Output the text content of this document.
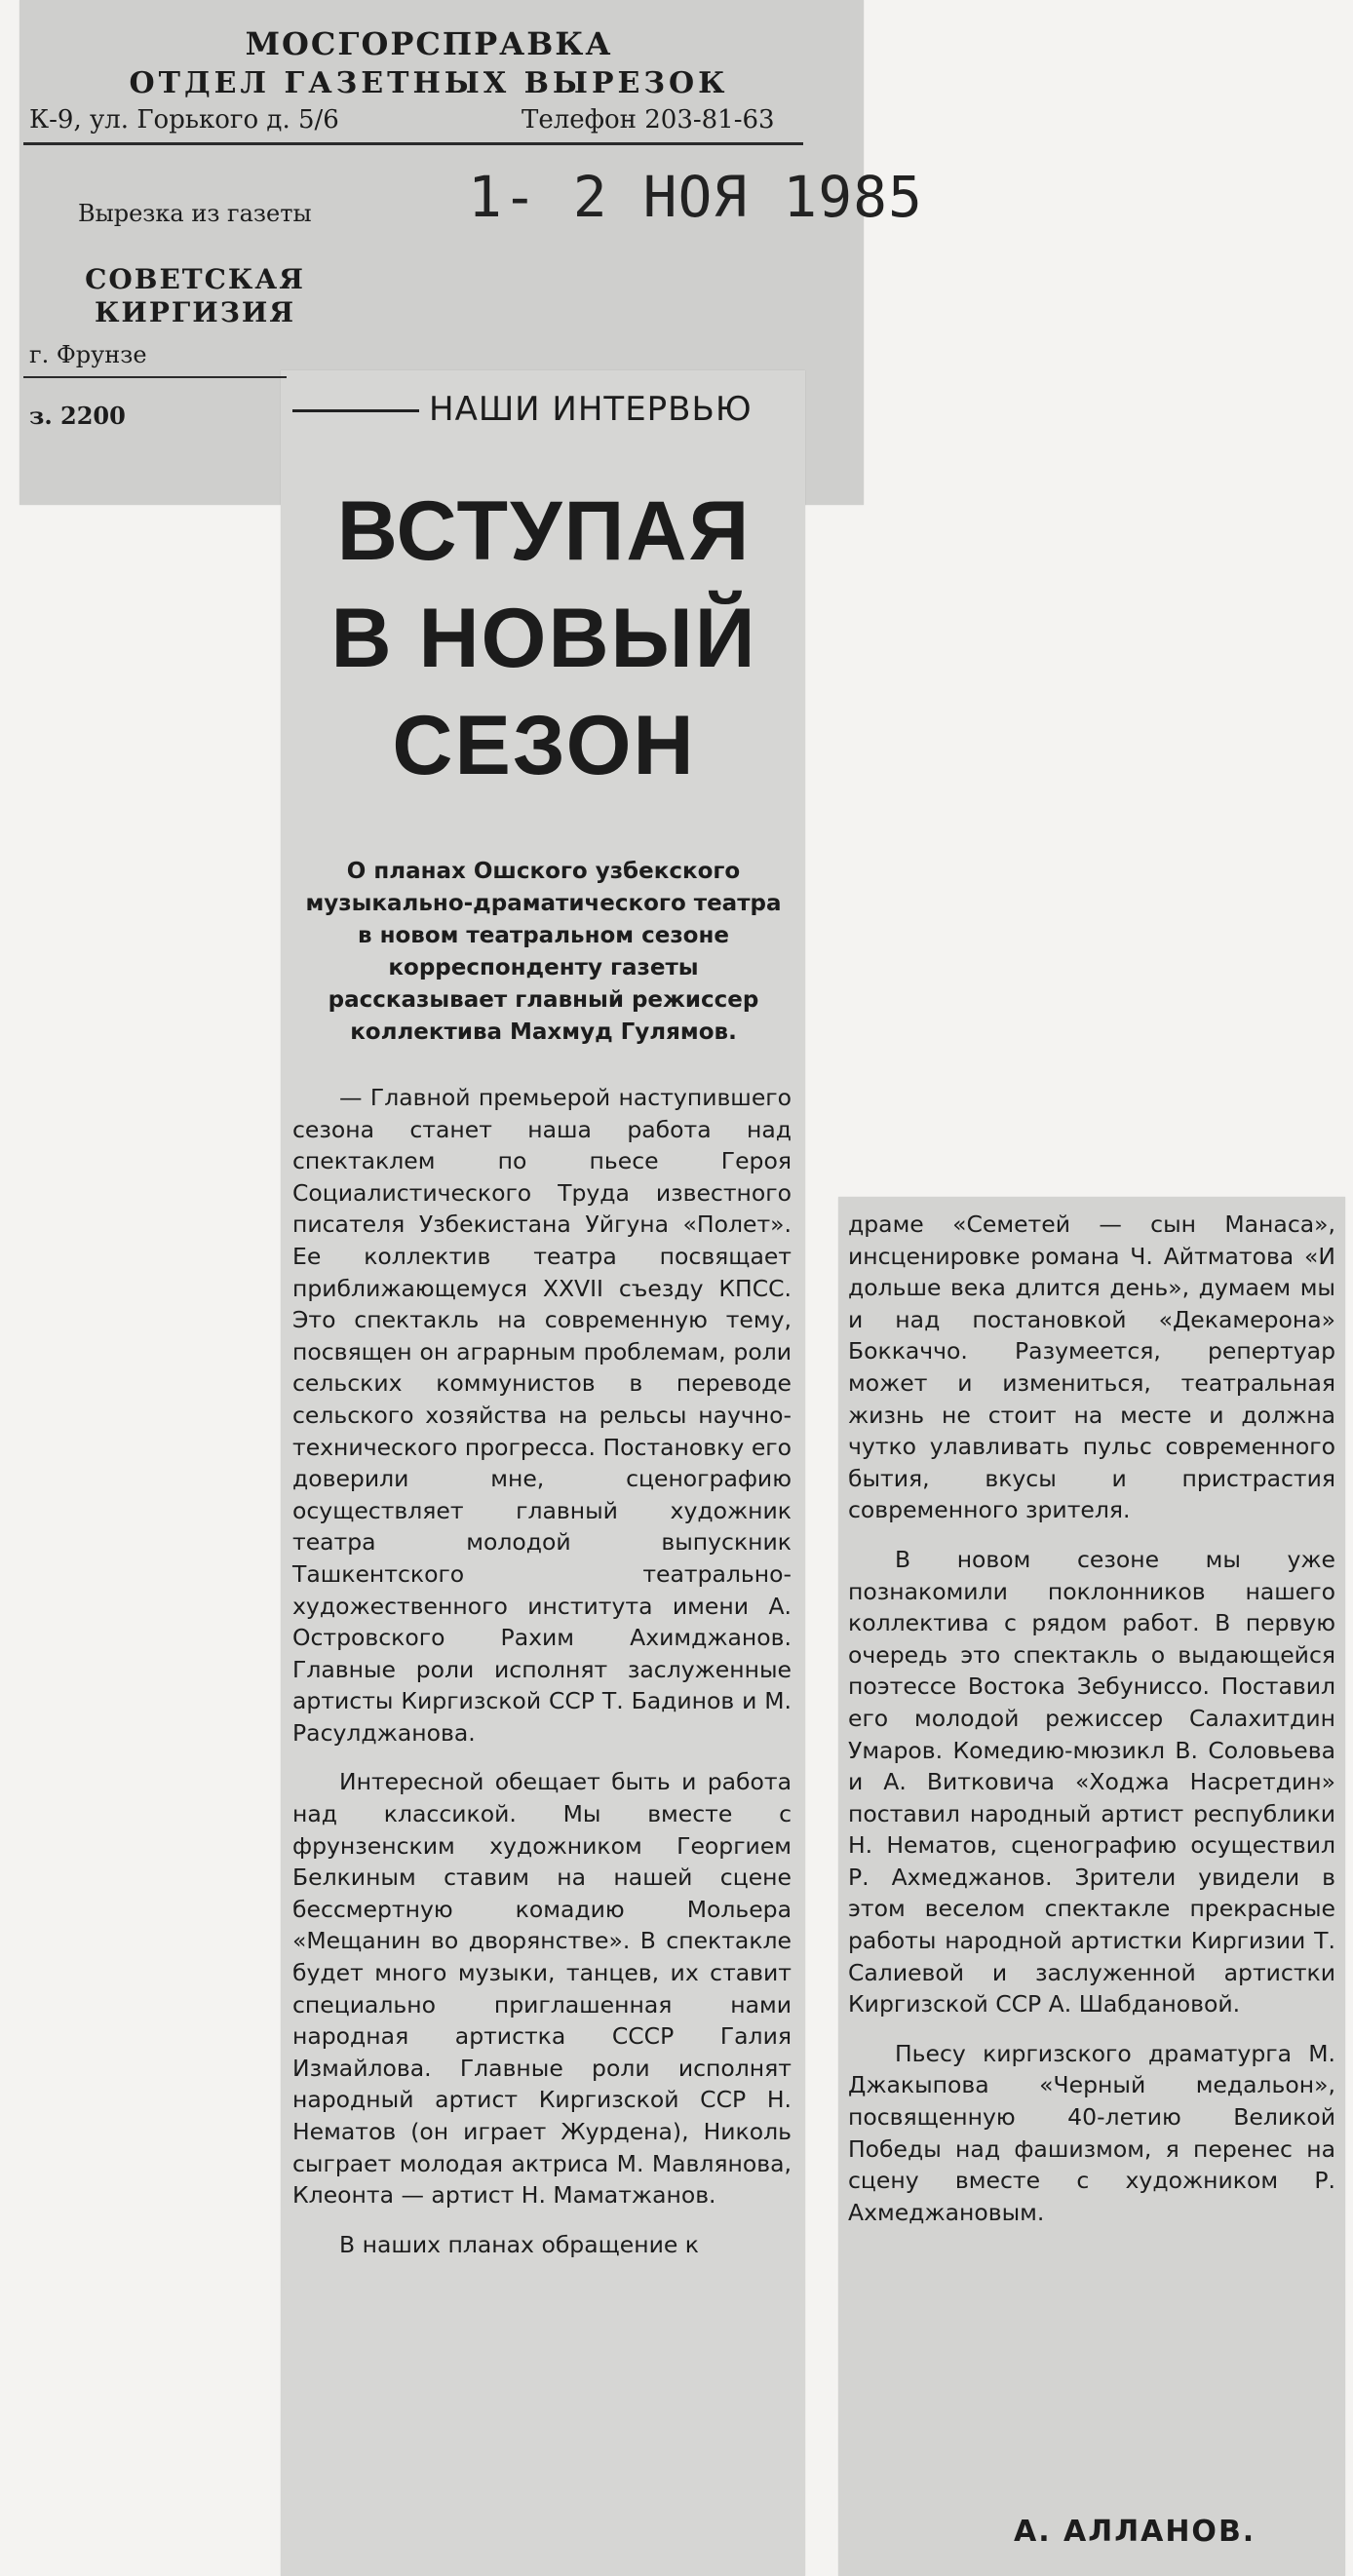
МОСГОРСПРАВКА
ОТДЕЛ ГАЗЕТНЫХ ВЫРЕЗОК
К-9, ул. Горького д. 5/6	Телефон 203-81-63
Вырезка из газеты	1- 2 НОЯ 1985
СОВЕТСКАЯ
КИРГИЗИЯ
г. Фрунзе
з. 2200	НАШИ ИНТЕРВЬЮ
ВСТУПАЯ
В НОВЫЙ
СЕЗОН
О планах Ошского узбекского музыкально-драматического театра в новом театральном сезоне корреспонденту газеты рассказывает главный режиссер коллектива Махмуд Гулямов.

— Главной премьерой наступившего сезона станет наша работа над спектаклем по пьесе Героя Социалистического Труда известного писателя Узбекистана Уйгуна «Полет». Ее коллектив театра посвящает приближающемуся XXVII съезду КПСС. Это спектакль на современную тему, посвящен он аграрным проблемам, роли сельских коммунистов в переводе сельского хозяйства на рельсы научно-технического прогресса. Постановку его доверили мне, сценографию осуществляет главный художник театра молодой выпускник Ташкентского театрально-художественного института имени А. Островского Рахим Ахимджанов. Главные роли исполнят заслуженные артисты Киргизской ССР Т. Бадинов и М. Расулджанова.

Интересной обещает быть и работа над классикой. Мы вместе с фрунзенским художником Георгием Белкиным ставим на нашей сцене бессмертную комадию Мольера «Мещанин во дворянстве». В спектакле будет много музыки, танцев, их ставит специально приглашенная нами народная артистка СССР Галия Измайлова. Главные роли исполнят народный артист Киргизской ССР Н. Нематов (он играет Журдена), Николь сыграет молодая актриса М. Мавлянова, Клеонта — артист Н. Маматжанов.

В наших планах обращение к

драме «Семетей — сын Манаса», инсценировке романа Ч. Айтматова «И дольше века длится день», думаем мы и над постановкой «Декамерона» Боккаччо. Разумеется, репертуар может и измениться, театральная жизнь не стоит на месте и должна чутко улавливать пульс современного бытия, вкусы и пристрастия современного зрителя.

В новом сезоне мы уже познакомили поклонников нашего коллектива с рядом работ. В первую очередь это спектакль о выдающейся поэтессе Востока Зебуниссо. Поставил его молодой режиссер Салахитдин Умаров. Комедию-мюзикл В. Соловьева и А. Витковича «Ходжа Насретдин» поставил народный артист республики Н. Нематов, сценографию осуществил Р. Ахмеджанов. Зрители увидели в этом веселом спектакле прекрасные работы народной артистки Киргизии Т. Салиевой и заслуженной артистки Киргизской ССР А. Шабдановой.

Пьесу киргизского драматурга М. Джакыпова «Черный медальон», посвященную 40-летию Великой Победы над фашизмом, я перенес на сцену вместе с художником Р. Ахмеджановым.

А. АЛЛАНОВ.
